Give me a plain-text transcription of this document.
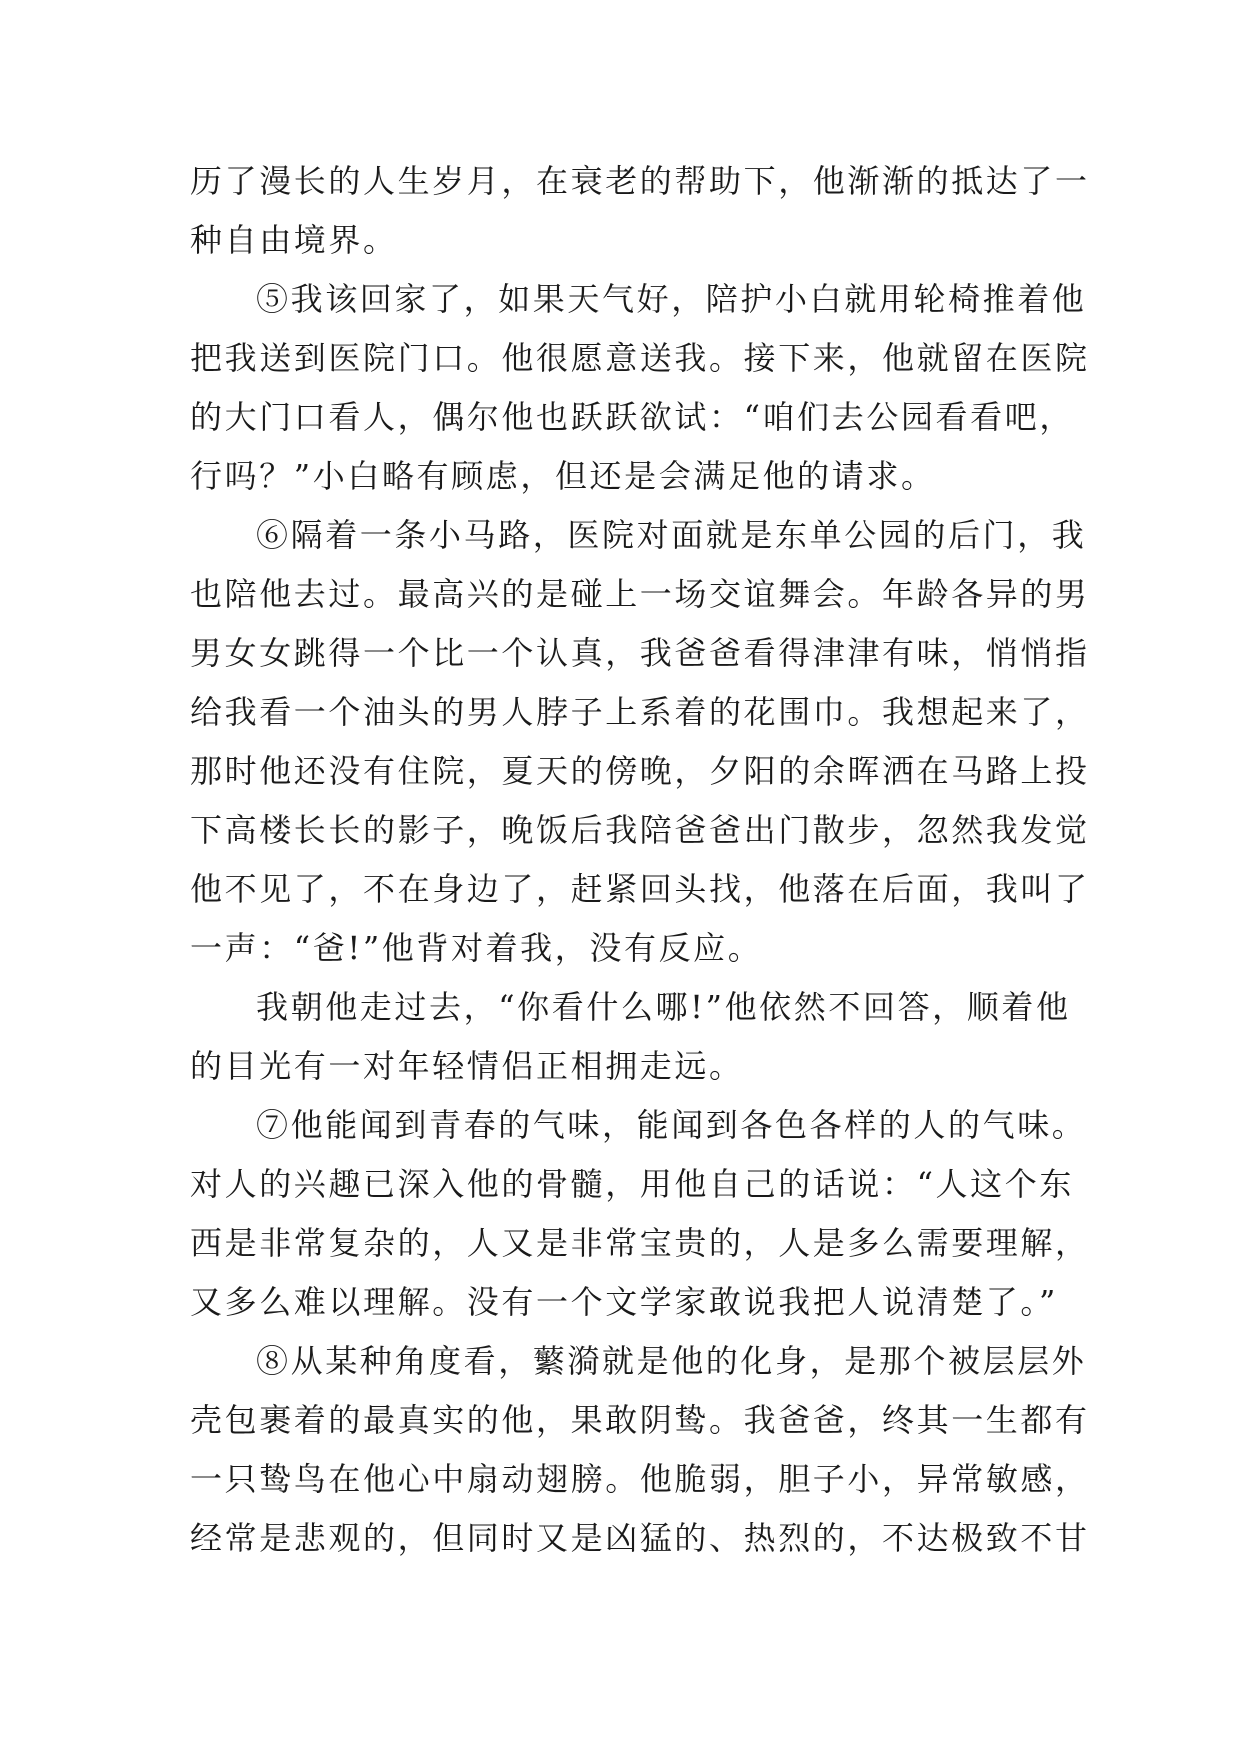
历了漫长的人生岁月，在衰老的帮助下，他渐渐的抵达了一
种自由境界。
⑤我该回家了，如果天气好，陪护小白就用轮椅推着他
把我送到医院门口。他很愿意送我。接下来，他就留在医院
的大门口看人，偶尔他也跃跃欲试：“咱们去公园看看吧，
行吗？”小白略有顾虑，但还是会满足他的请求。
⑥隔着一条小马路，医院对面就是东单公园的后门，我
也陪他去过。最高兴的是碰上一场交谊舞会。年龄各异的男
男女女跳得一个比一个认真，我爸爸看得津津有味，悄悄指
给我看一个油头的男人脖子上系着的花围巾。我想起来了，
那时他还没有住院，夏天的傍晚，夕阳的余晖洒在马路上投
下高楼长长的影子，晚饭后我陪爸爸出门散步，忽然我发觉
他不见了，不在身边了，赶紧回头找，他落在后面，我叫了
一声：“爸!”他背对着我，没有反应。
我朝他走过去，“你看什么哪!”他依然不回答，顺着他
的目光有一对年轻情侣正相拥走远。
⑦他能闻到青春的气味，能闻到各色各样的人的气味。
对人的兴趣已深入他的骨髓，用他自己的话说：“人这个东
西是非常复杂的，人又是非常宝贵的，人是多么需要理解，
又多么难以理解。没有一个文学家敢说我把人说清楚了。”
⑧从某种角度看，蘩漪就是他的化身，是那个被层层外
壳包裹着的最真实的他，果敢阴鸷。我爸爸，终其一生都有
一只鸷鸟在他心中扇动翅膀。他脆弱，胆子小，异常敏感，
经常是悲观的，但同时又是凶猛的、热烈的，不达极致不甘
